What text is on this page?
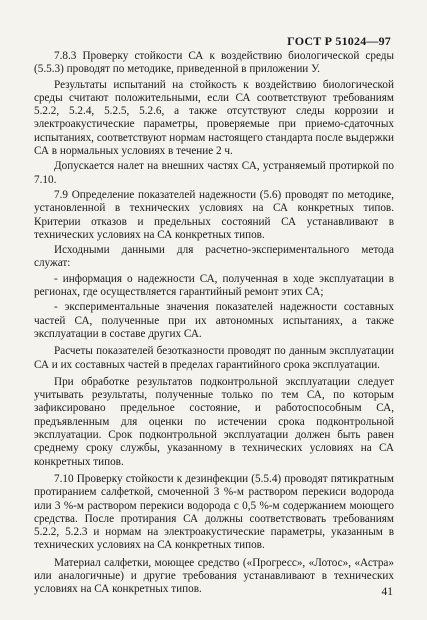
ГОСТ Р 51024—97

7.8.3 Проверку стойкости СА к воздействию биологической среды (5.5.3) проводят по методике, приведенной в приложении У.

Результаты испытаний на стойкость к воздействию биологической среды считают положительными, если СА соответствуют требованиям 5.2.2, 5.2.4, 5.2.5, 5.2.6, а также отсутствуют следы коррозии и электроакустические параметры, проверяемые при приемо-сдаточных испытаниях, соответствуют нормам настоящего стандарта после выдержки СА в нормальных условиях в течение 2 ч.

Допускается налет на внешних частях СА, устраняемый протиркой по 7.10.

7.9 Определение показателей надежности (5.6) проводят по методике, установленной в технических условиях на СА конкретных типов. Критерии отказов и предельных состояний СА устанавливают в технических условиях на СА конкретных типов.

Исходными данными для расчетно-экспериментального метода служат:

- информация о надежности СА, полученная в ходе эксплуатации в регионах, где осуществляется гарантийный ремонт этих СА;

- экспериментальные значения показателей надежности составных частей СА, полученные при их автономных испытаниях, а также эксплуатации в составе других СА.

Расчеты показателей безотказности проводят по данным эксплуатации СА и их составных частей в пределах гарантийного срока эксплуатации.

При обработке результатов подконтрольной эксплуатации следует учитывать результаты, полученные только по тем СА, по которым зафиксировано предельное состояние, и работоспособным СА, предъявленным для оценки по истечении срока подконтрольной эксплуатации. Срок подконтрольной эксплуатации должен быть равен среднему сроку службы, указанному в технических условиях на СА конкретных типов.

7.10 Проверку стойкости к дезинфекции (5.5.4) проводят пятикратным протиранием салфеткой, смоченной 3 %-м раствором перекиси водорода или 3 %-м раствором перекиси водорода с 0,5 %-м содержанием моющего средства. После протирания СА должны соответствовать требованиям 5.2.2, 5.2.3 и нормам на электроакустические параметры, указанным в технических условиях на СА конкретных типов.

Материал салфетки, моющее средство («Прогресс», «Лотос», «Астра» или аналогичные) и другие требования устанавливают в технических условиях на СА конкретных типов.	41
